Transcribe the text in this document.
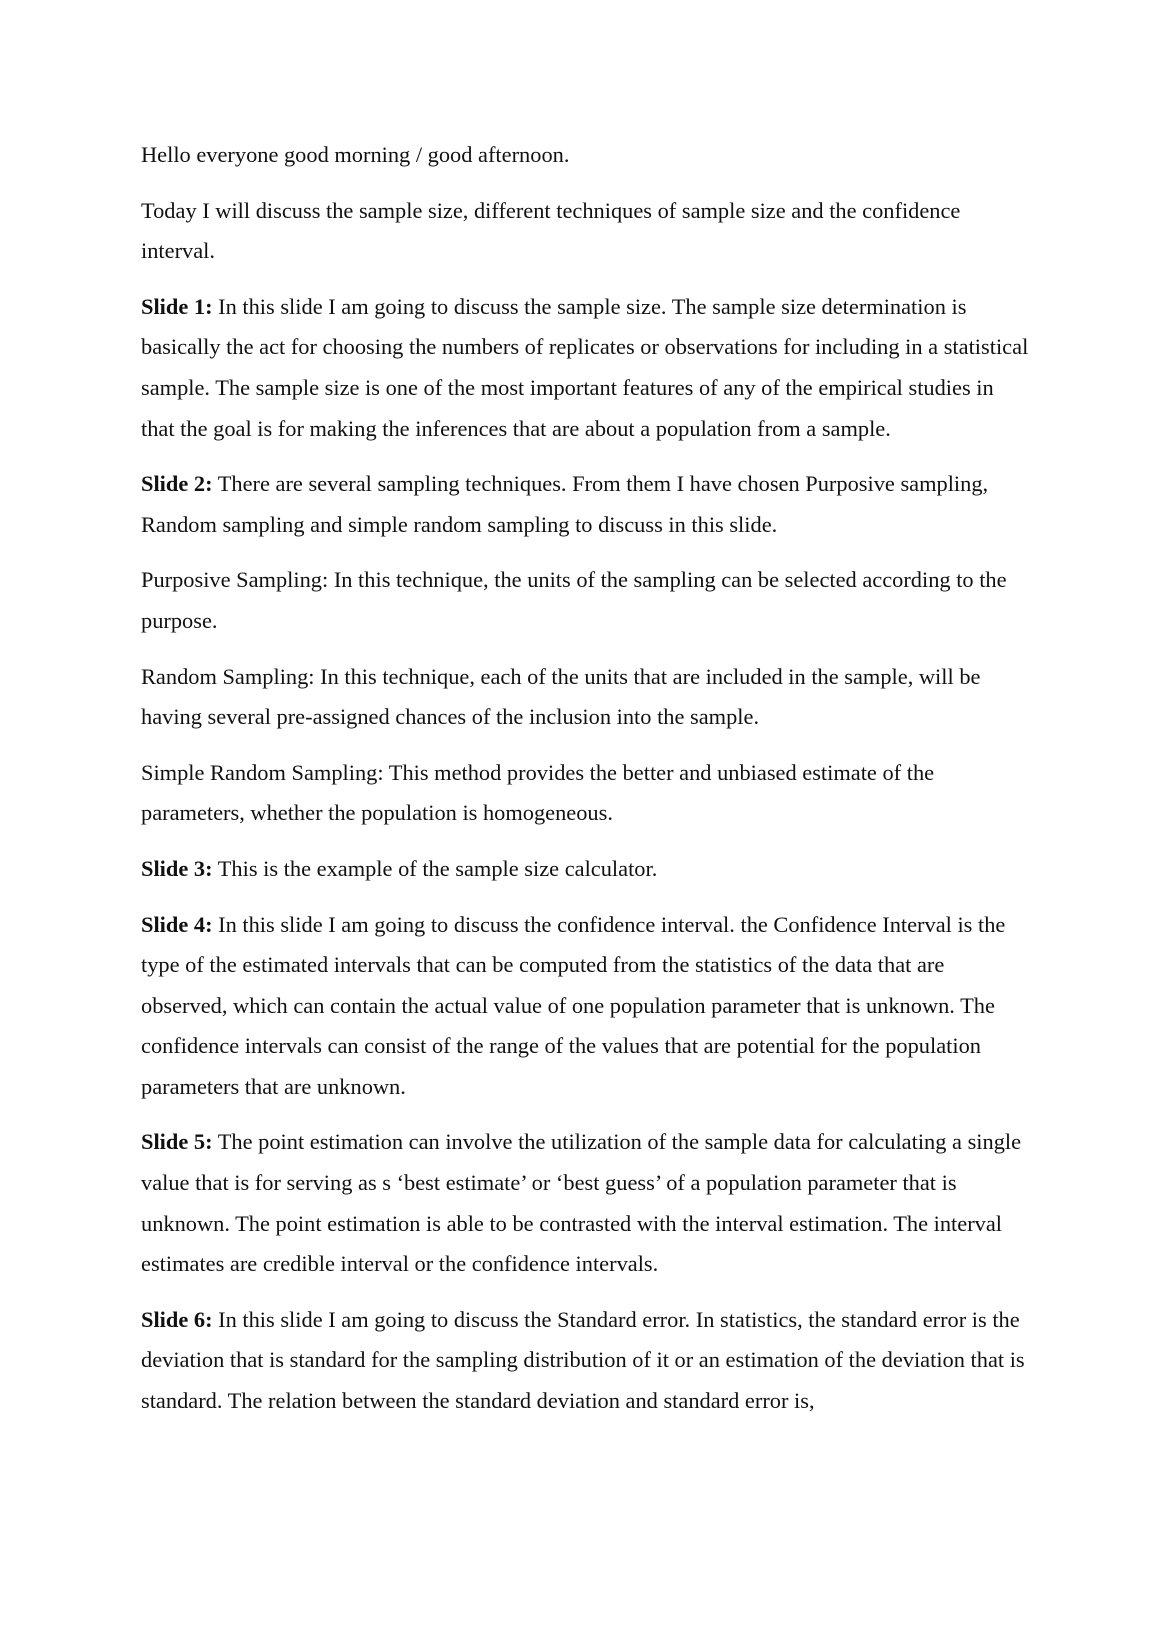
Hello everyone good morning / good afternoon.

Today I will discuss the sample size, different techniques of sample size and the confidence interval.

Slide 1: In this slide I am going to discuss the sample size. The sample size determination is basically the act for choosing the numbers of replicates or observations for including in a statistical sample. The sample size is one of the most important features of any of the empirical studies in that the goal is for making the inferences that are about a population from a sample.

Slide 2: There are several sampling techniques. From them I have chosen Purposive sampling, Random sampling and simple random sampling to discuss in this slide.

Purposive Sampling: In this technique, the units of the sampling can be selected according to the purpose.

Random Sampling: In this technique, each of the units that are included in the sample, will be having several pre-assigned chances of the inclusion into the sample.

Simple Random Sampling: This method provides the better and unbiased estimate of the parameters, whether the population is homogeneous.

Slide 3: This is the example of the sample size calculator.

Slide 4: In this slide I am going to discuss the confidence interval. the Confidence Interval is the type of the estimated intervals that can be computed from the statistics of the data that are observed, which can contain the actual value of one population parameter that is unknown. The confidence intervals can consist of the range of the values that are potential for the population parameters that are unknown.

Slide 5: The point estimation can involve the utilization of the sample data for calculating a single value that is for serving as s ‘best estimate’ or ‘best guess’ of a population parameter that is unknown. The point estimation is able to be contrasted with the interval estimation. The interval estimates are credible interval or the confidence intervals.

Slide 6: In this slide I am going to discuss the Standard error. In statistics, the standard error is the deviation that is standard for the sampling distribution of it or an estimation of the deviation that is standard. The relation between the standard deviation and standard error is,
